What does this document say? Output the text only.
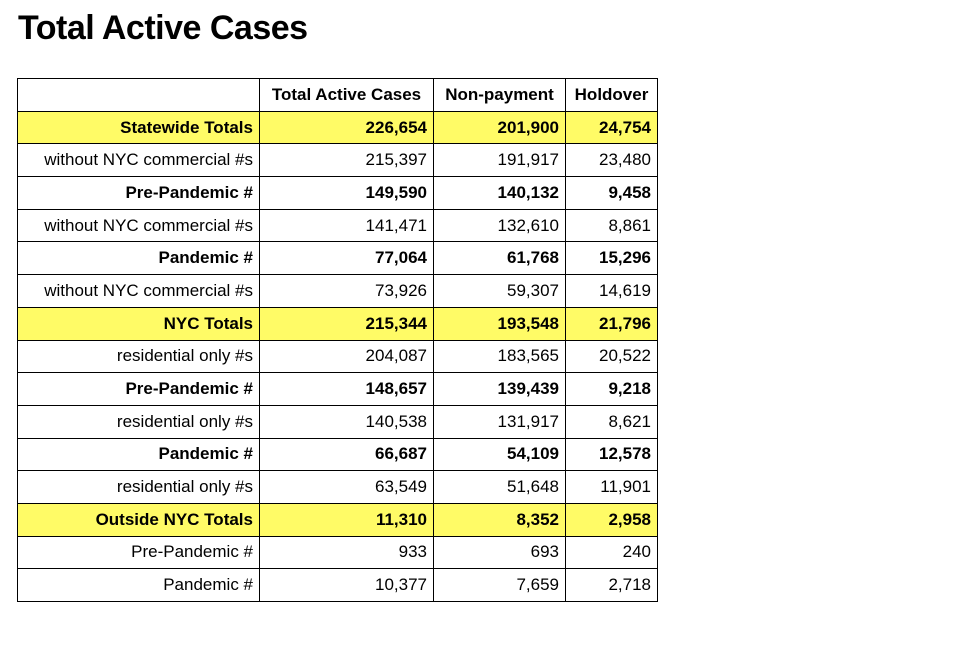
Total Active Cases
	Total Active Cases	Non-payment	Holdover
Statewide Totals	226,654	201,900	24,754
without NYC commercial #s	215,397	191,917	23,480
Pre-Pandemic #	149,590	140,132	9,458
without NYC commercial #s	141,471	132,610	8,861
Pandemic #	77,064	61,768	15,296
without NYC commercial #s	73,926	59,307	14,619
NYC Totals	215,344	193,548	21,796
residential only #s	204,087	183,565	20,522
Pre-Pandemic #	148,657	139,439	9,218
residential only #s	140,538	131,917	8,621
Pandemic #	66,687	54,109	12,578
residential only #s	63,549	51,648	11,901
Outside NYC Totals	11,310	8,352	2,958
Pre-Pandemic #	933	693	240
Pandemic #	10,377	7,659	2,718
